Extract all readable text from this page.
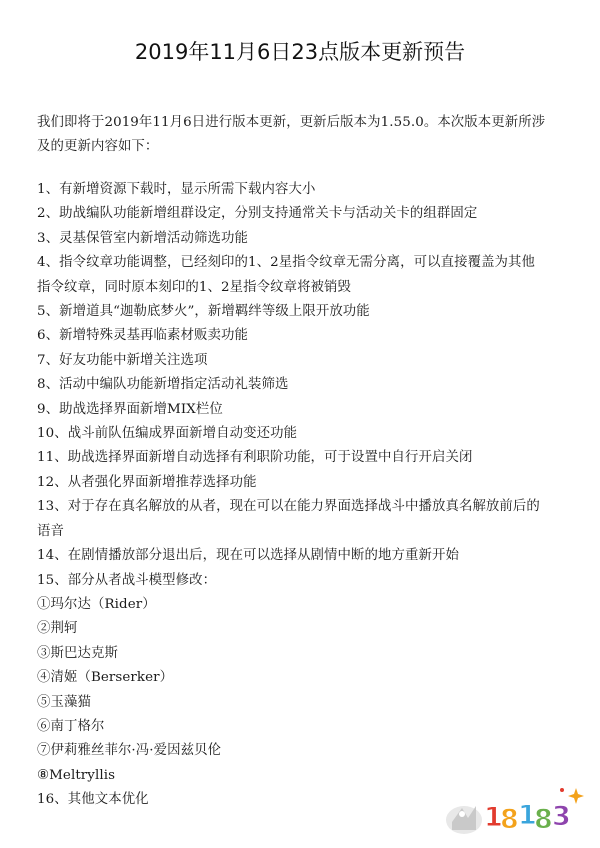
2019年11月6日23点版本更新预告

我们即将于2019年11月6日进行版本更新，更新后版本为1.55.0。本次版本更新所涉

及的更新内容如下：

1、有新增资源下载时，显示所需下载内容大小
2、助战编队功能新增组群设定，分别支持通常关卡与活动关卡的组群固定
3、灵基保管室内新增活动筛选功能
4、指令纹章功能调整，已经刻印的1、2星指令纹章无需分离，可以直接覆盖为其他
指令纹章，同时原本刻印的1、2星指令纹章将被销毁
5、新增道具“迦勒底梦火”，新增羁绊等级上限开放功能
6、新增特殊灵基再临素材贩卖功能
7、好友功能中新增关注选项
8、活动中编队功能新增指定活动礼装筛选
9、助战选择界面新增MIX栏位
10、战斗前队伍编成界面新增自动变还功能
11、助战选择界面新增自动选择有利职阶功能，可于设置中自行开启关闭
12、从者强化界面新增推荐选择功能
13、对于存在真名解放的从者，现在可以在能力界面选择战斗中播放真名解放前后的
语音
14、在剧情播放部分退出后，现在可以选择从剧情中断的地方重新开始
15、部分从者战斗模型修改：
①玛尔达（Rider）
②荆轲
③斯巴达克斯
④清姬（Berserker）
⑤玉藻猫
⑥南丁格尔
⑦伊莉雅丝菲尔·冯·爱因兹贝伦
⑧Meltryllis
16、其他文本优化
1
8 1
8 3
